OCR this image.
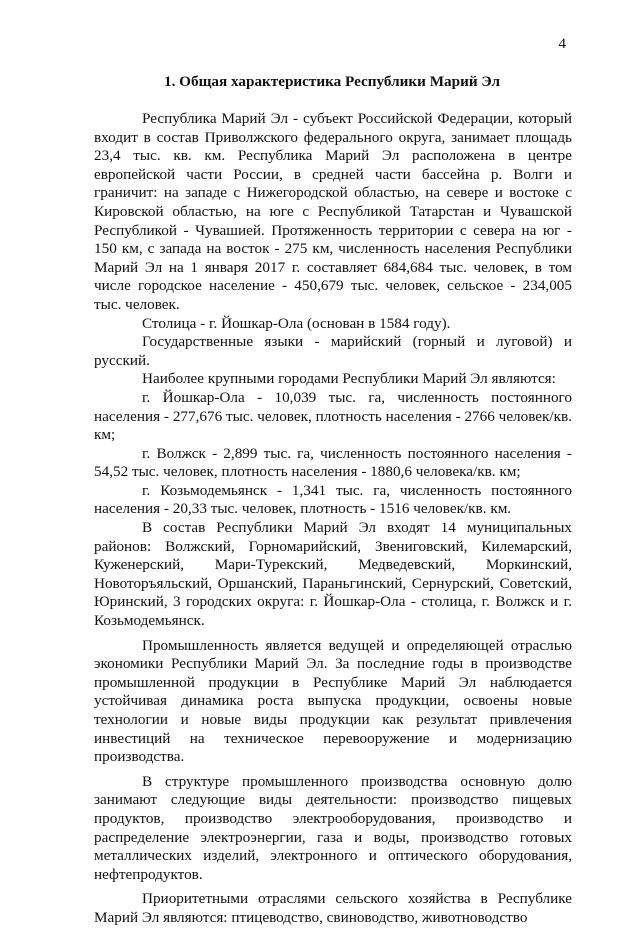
4
1. Общая характеристика Республики Марий Эл

Республика Марий Эл - субъект Российской Федерации, который входит в состав Приволжского федерального округа, занимает площадь 23,4 тыс. кв. км. Республика Марий Эл расположена в центре европейской части России, в средней части бассейна р. Волги и граничит: на западе с Нижегородской областью, на севере и востоке с Кировской областью, на юге с Республикой Татарстан и Чувашской Республикой - Чувашией. Протяженность территории с севера на юг - 150 км, с запада на восток - 275 км, численность населения Республики Марий Эл на 1 января 2017 г. составляет 684,684 тыс. человек, в том числе городское население - 450,679 тыс. человек, сельское - 234,005 тыс. человек.

Столица - г. Йошкар-Ола (основан в 1584 году).

Государственные языки - марийский (горный и луговой) и русский.

Наиболее крупными городами Республики Марий Эл являются:

г. Йошкар-Ола - 10,039 тыс. га, численность постоянного населения - 277,676 тыс. человек, плотность населения - 2766 человек/кв. км;

г. Волжск - 2,899 тыс. га, численность постоянного населения - 54,52 тыс. человек, плотность населения - 1880,6 человека/кв. км;

г. Козьмодемьянск - 1,341 тыс. га, численность постоянного населения - 20,33 тыс. человек, плотность - 1516 человек/кв. км.

В состав Республики Марий Эл входят 14 муниципальных районов: Волжский, Горномарийский, Звениговский, Килемарский, Куженерский, Мари-Турекский, Медведевский, Моркинский, Новоторъяльский, Оршанский, Параньгинский, Сернурский, Советский, Юринский, 3 городских округа: г. Йошкар-Ола - столица, г. Волжск и г. Козьмодемьянск.

Промышленность является ведущей и определяющей отраслью экономики Республики Марий Эл. За последние годы в производстве промышленной продукции в Республике Марий Эл наблюдается устойчивая динамика роста выпуска продукции, освоены новые технологии и новые виды продукции как результат привлечения инвестиций на техническое перевооружение и модернизацию производства.

В структуре промышленного производства основную долю занимают следующие виды деятельности: производство пищевых продуктов, производство электрооборудования, производство и распределение электроэнергии, газа и воды, производство готовых металлических изделий, электронного и оптического оборудования, нефтепродуктов.

Приоритетными отраслями сельского хозяйства в Республике Марий Эл являются: птицеводство, свиноводство, животноводство
